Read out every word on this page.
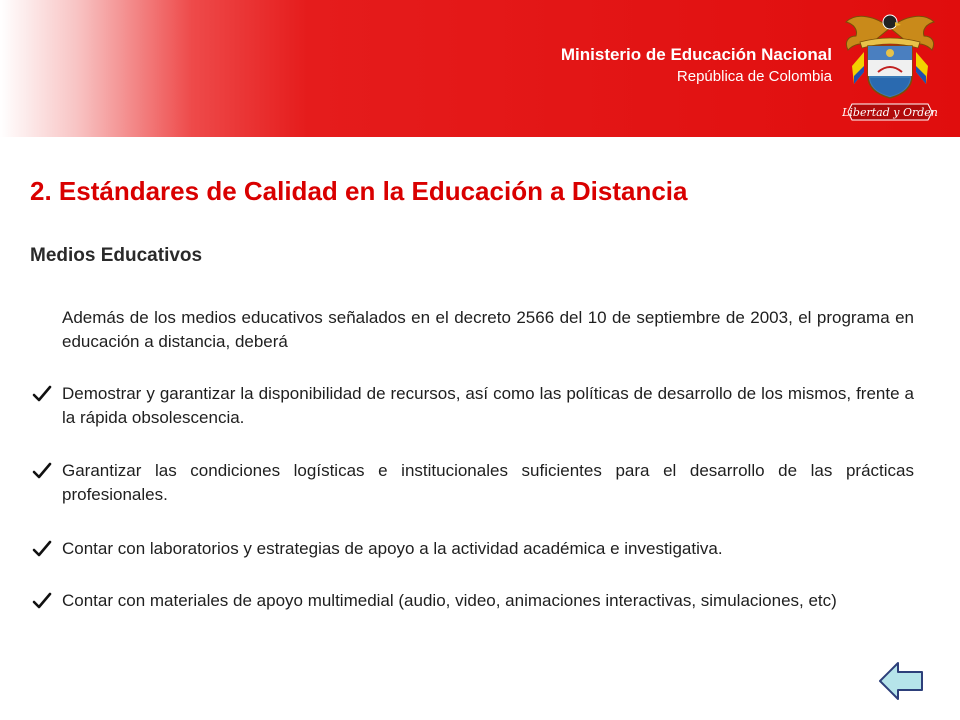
Ministerio de Educación Nacional
República de Colombia
Libertad y Orden
2. Estándares de Calidad en la Educación a Distancia
Medios Educativos
Además de los medios educativos señalados en el decreto 2566 del 10 de septiembre de 2003, el programa en educación a distancia, deberá
Demostrar y garantizar la disponibilidad de recursos, así como las políticas de desarrollo de los mismos, frente a la rápida obsolescencia.
Garantizar las condiciones logísticas e institucionales suficientes para el desarrollo de las prácticas profesionales.
Contar con laboratorios y estrategias de apoyo a la actividad académica e investigativa.
Contar con materiales de apoyo multimedial (audio, video, animaciones interactivas, simulaciones, etc)
